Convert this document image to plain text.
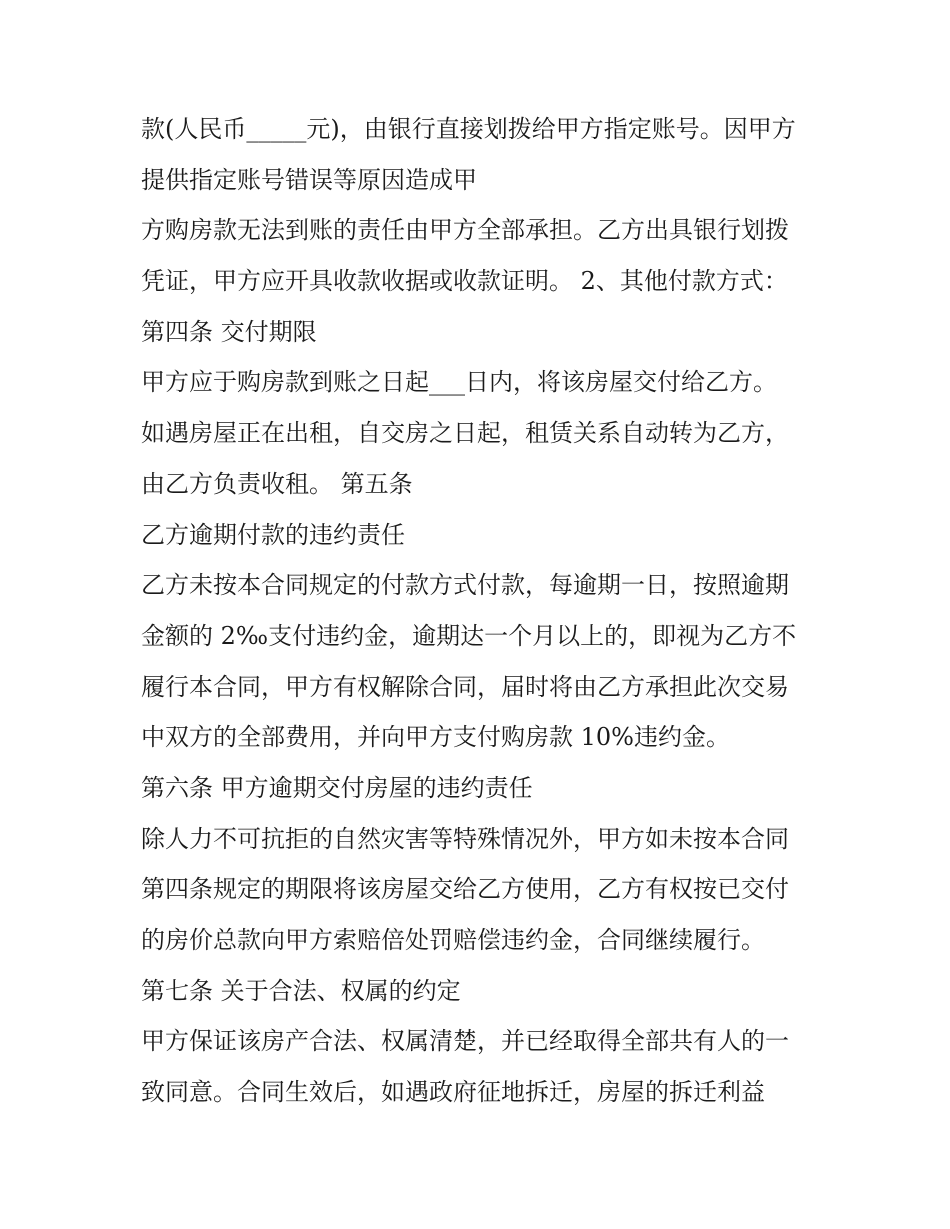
款(人民币_____元)，由银行直接划拨给甲方指定账号。因甲方

提供指定账号错误等原因造成甲

方购房款无法到账的责任由甲方全部承担。乙方出具银行划拨

凭证，甲方应开具收款收据或收款证明。 2、其他付款方式：

第四条 交付期限

甲方应于购房款到账之日起___日内，将该房屋交付给乙方。

如遇房屋正在出租，自交房之日起，租赁关系自动转为乙方，

由乙方负责收租。 第五条

乙方逾期付款的违约责任

乙方未按本合同规定的付款方式付款，每逾期一日，按照逾期

金额的 2‰支付违约金，逾期达一个月以上的，即视为乙方不

履行本合同，甲方有权解除合同，届时将由乙方承担此次交易

中双方的全部费用，并向甲方支付购房款 10%违约金。

第六条 甲方逾期交付房屋的违约责任

除人力不可抗拒的自然灾害等特殊情况外，甲方如未按本合同

第四条规定的期限将该房屋交给乙方使用，乙方有权按已交付

的房价总款向甲方索赔倍处罚赔偿违约金，合同继续履行。

第七条 关于合法、权属的约定

甲方保证该房产合法、权属清楚，并已经取得全部共有人的一

致同意。合同生效后，如遇政府征地拆迁，房屋的拆迁利益
